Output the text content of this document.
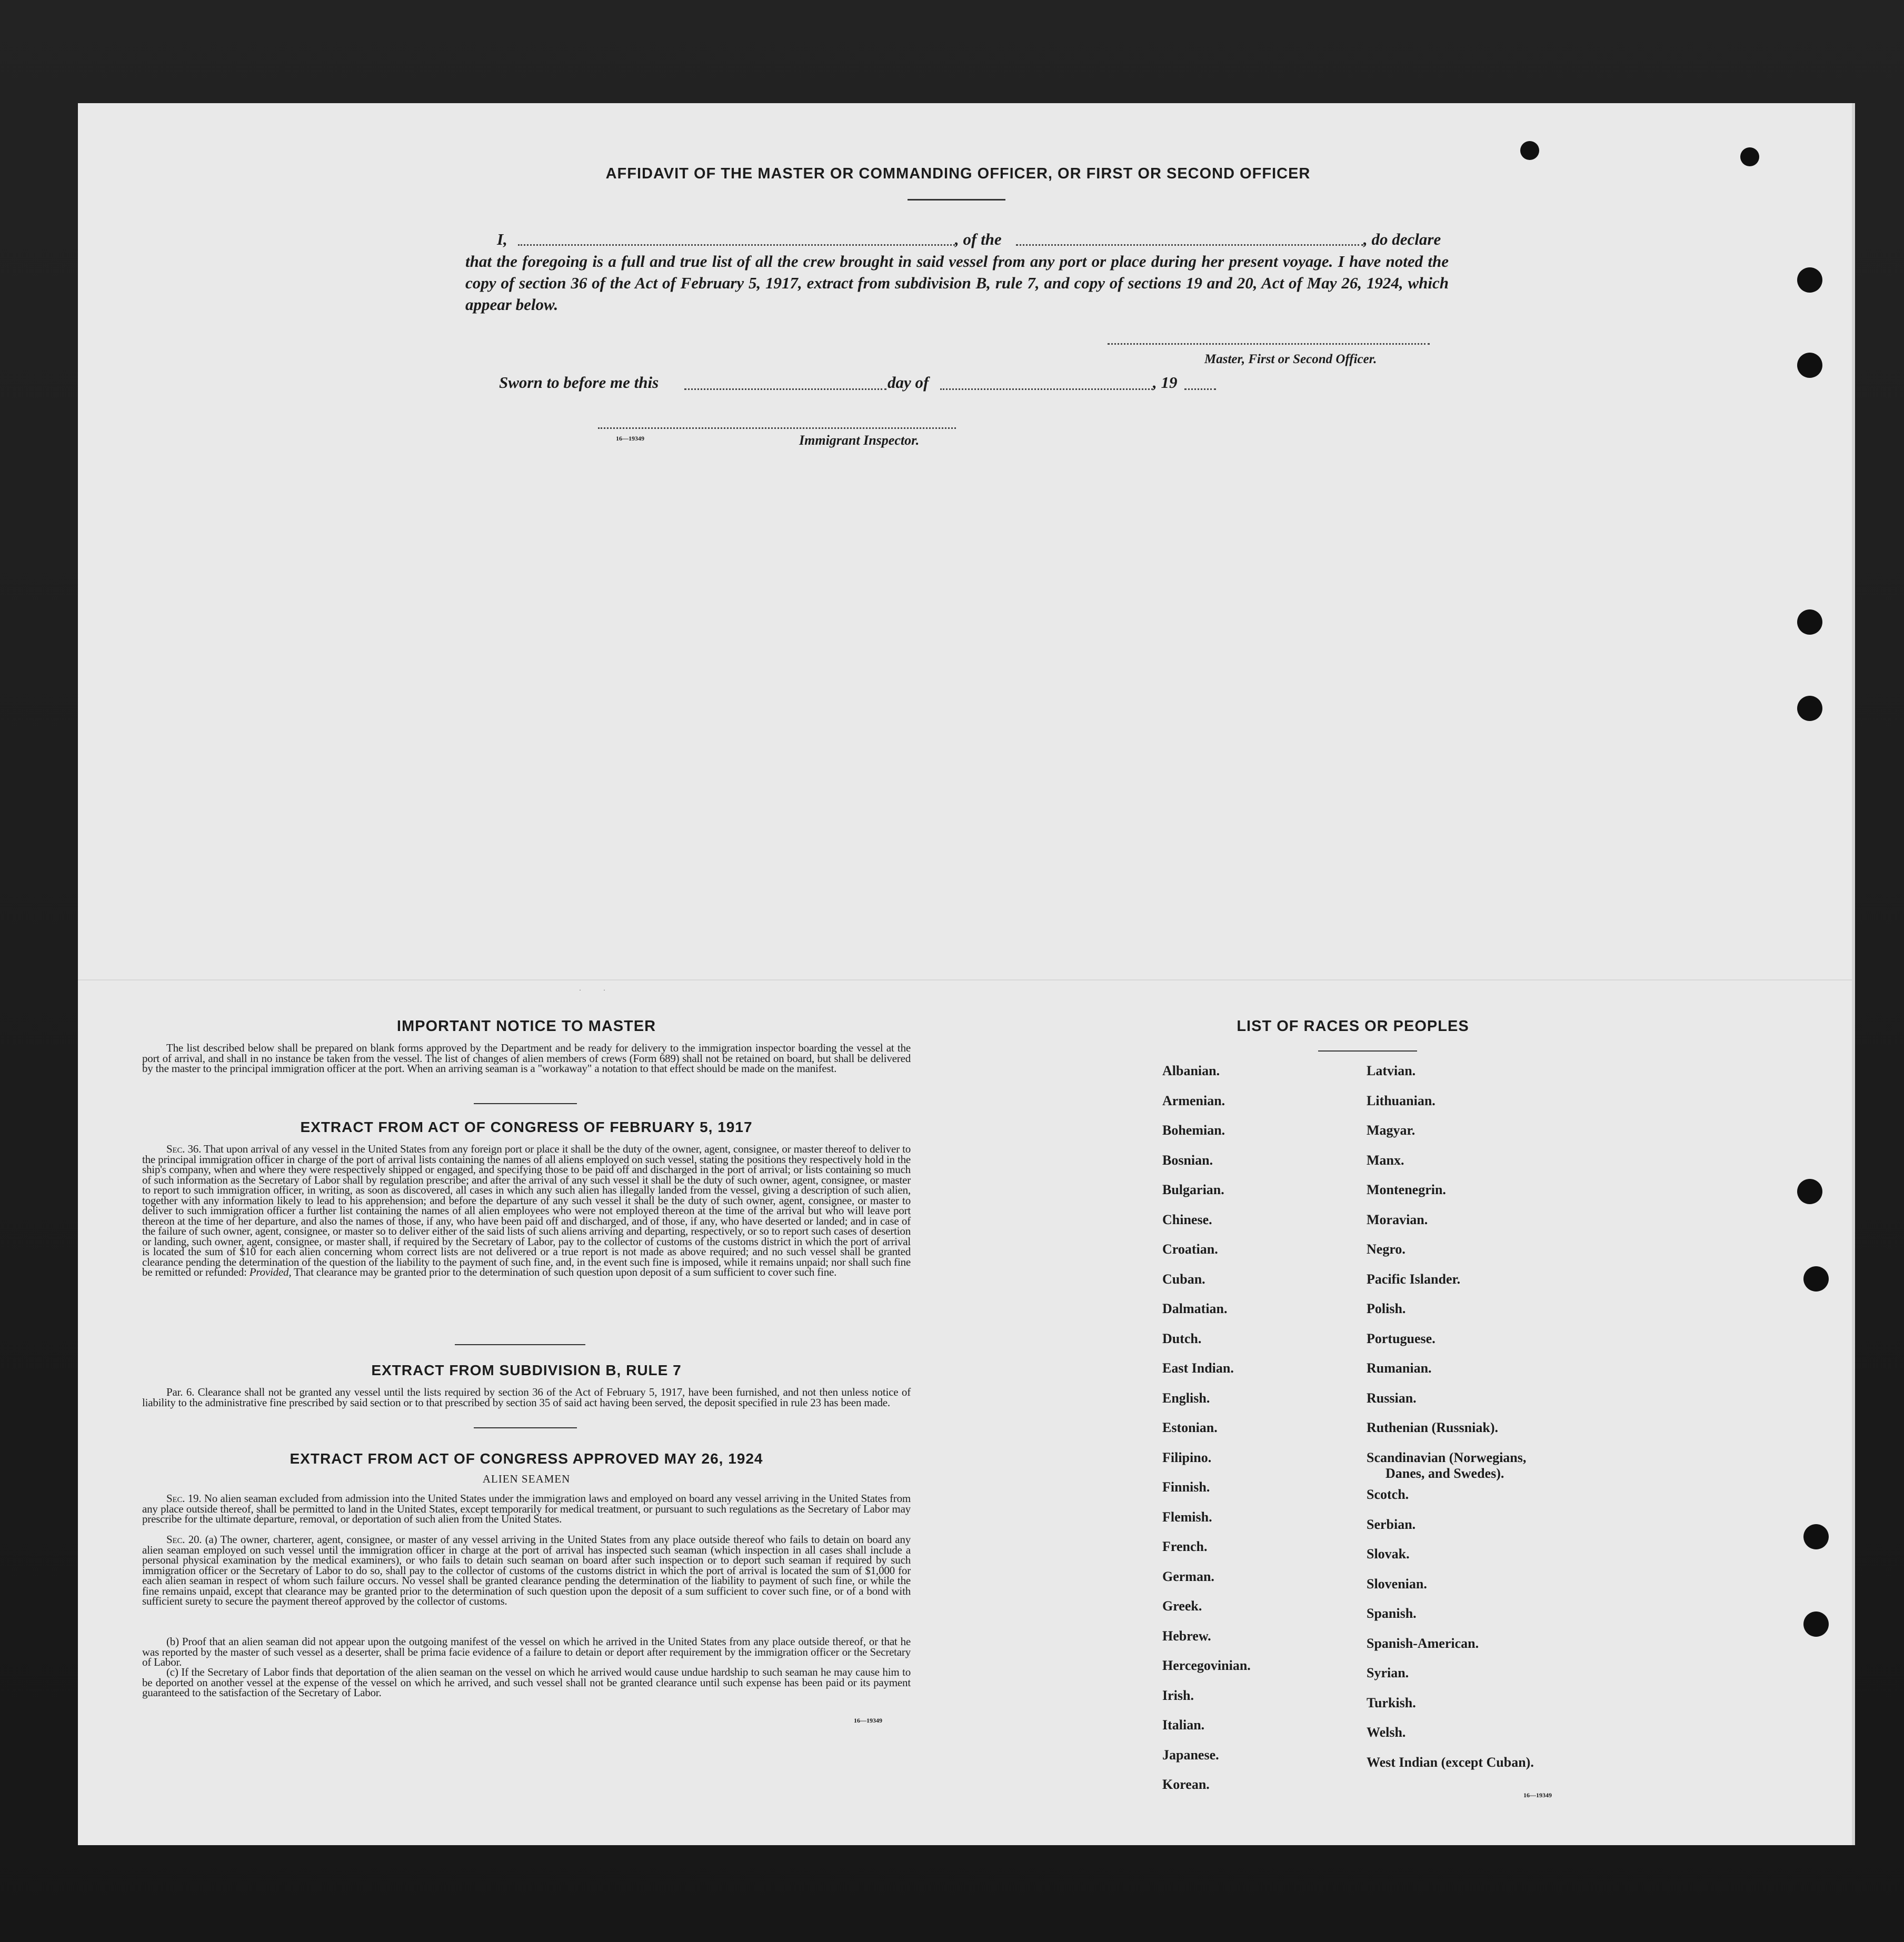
AFFIDAVIT OF THE MASTER OR COMMANDING OFFICER, OR FIRST OR SECOND OFFICER
I,	, of the	, do declare
that the foregoing is a full and true list of all the crew brought in said vessel from any port or place during her present voyage. I have noted the copy of section 36 of the Act of February 5, 1917, extract from subdivision B, rule 7, and copy of sections 19 and 20, Act of May 26, 1924, which appear below.
Master, First or Second Officer.
Sworn to before me this	day of	, 19
16—19349	Immigrant Inspector.
·	·
IMPORTANT NOTICE TO MASTER
The list described below shall be prepared on blank forms approved by the Department and be ready for delivery to the immigration inspector boarding the vessel at the port of arrival, and shall in no instance be taken from the vessel. The list of changes of alien members of crews (Form 689) shall not be retained on board, but shall be delivered by the master to the principal immigration officer at the port. When an arriving seaman is a "workaway" a notation to that effect should be made on the manifest.
EXTRACT FROM ACT OF CONGRESS OF FEBRUARY 5, 1917
Sec. 36. That upon arrival of any vessel in the United States from any foreign port or place it shall be the duty of the owner, agent, consignee, or master thereof to deliver to the principal immigration officer in charge of the port of arrival lists containing the names of all aliens employed on such vessel, stating the positions they respectively hold in the ship's company, when and where they were respectively shipped or engaged, and specifying those to be paid off and discharged in the port of arrival; or lists containing so much of such information as the Secretary of Labor shall by regulation prescribe; and after the arrival of any such vessel it shall be the duty of such owner, agent, consignee, or master to report to such immigration officer, in writing, as soon as discovered, all cases in which any such alien has illegally landed from the vessel, giving a description of such alien, together with any information likely to lead to his apprehension; and before the departure of any such vessel it shall be the duty of such owner, agent, consignee, or master to deliver to such immigration officer a further list containing the names of all alien employees who were not employed thereon at the time of the arrival but who will leave port thereon at the time of her departure, and also the names of those, if any, who have been paid off and discharged, and of those, if any, who have deserted or landed; and in case of the failure of such owner, agent, consignee, or master so to deliver either of the said lists of such aliens arriving and departing, respectively, or so to report such cases of desertion or landing, such owner, agent, consignee, or master shall, if required by the Secretary of Labor, pay to the collector of customs of the customs district in which the port of arrival is located the sum of $10 for each alien concerning whom correct lists are not delivered or a true report is not made as above required; and no such vessel shall be granted clearance pending the determination of the question of the liability to the payment of such fine, and, in the event such fine is imposed, while it remains unpaid; nor shall such fine be remitted or refunded: Provided, That clearance may be granted prior to the determination of such question upon deposit of a sum sufficient to cover such fine.
EXTRACT FROM SUBDIVISION B, RULE 7
Par. 6. Clearance shall not be granted any vessel until the lists required by section 36 of the Act of February 5, 1917, have been furnished, and not then unless notice of liability to the administrative fine prescribed by said section or to that prescribed by section 35 of said act having been served, the deposit specified in rule 23 has been made.
EXTRACT FROM ACT OF CONGRESS APPROVED MAY 26, 1924
ALIEN SEAMEN
Sec. 19. No alien seaman excluded from admission into the United States under the immigration laws and employed on board any vessel arriving in the United States from any place outside thereof, shall be permitted to land in the United States, except temporarily for medical treatment, or pursuant to such regulations as the Secretary of Labor may prescribe for the ultimate departure, removal, or deportation of such alien from the United States.
Sec. 20. (a) The owner, charterer, agent, consignee, or master of any vessel arriving in the United States from any place outside thereof who fails to detain on board any alien seaman employed on such vessel until the immigration officer in charge at the port of arrival has inspected such seaman (which inspection in all cases shall include a personal physical examination by the medical examiners), or who fails to detain such seaman on board after such inspection or to deport such seaman if required by such immigration officer or the Secretary of Labor to do so, shall pay to the collector of customs of the customs district in which the port of arrival is located the sum of $1,000 for each alien seaman in respect of whom such failure occurs. No vessel shall be granted clearance pending the determination of the liability to payment of such fine, or while the fine remains unpaid, except that clearance may be granted prior to the determination of such question upon the deposit of a sum sufficient to cover such fine, or of a bond with sufficient surety to secure the payment thereof approved by the collector of customs.
(b) Proof that an alien seaman did not appear upon the outgoing manifest of the vessel on which he arrived in the United States from any place outside thereof, or that he was reported by the master of such vessel as a deserter, shall be prima facie evidence of a failure to detain or deport after requirement by the immigration officer or the Secretary of Labor.
(c) If the Secretary of Labor finds that deportation of the alien seaman on the vessel on which he arrived would cause undue hardship to such seaman he may cause him to be deported on another vessel at the expense of the vessel on which he arrived, and such vessel shall not be granted clearance until such expense has been paid or its payment guaranteed to the satisfaction of the Secretary of Labor.
16—19349
LIST OF RACES OR PEOPLES
Albanian.
Armenian.
Bohemian.
Bosnian.
Bulgarian.
Chinese.
Croatian.
Cuban.
Dalmatian.
Dutch.
East Indian.
English.
Estonian.
Filipino.
Finnish.
Flemish.
French.
German.
Greek.
Hebrew.
Hercegovinian.
Irish.
Italian.
Japanese.
Korean.
Latvian.
Lithuanian.
Magyar.
Manx.
Montenegrin.
Moravian.
Negro.
Pacific Islander.
Polish.
Portuguese.
Rumanian.
Russian.
Ruthenian (Russniak).
Scandinavian (Norwegians,
Danes, and Swedes).
Scotch.
Serbian.
Slovak.
Slovenian.
Spanish.
Spanish-American.
Syrian.
Turkish.
Welsh.
West Indian (except Cuban).
16—19349
